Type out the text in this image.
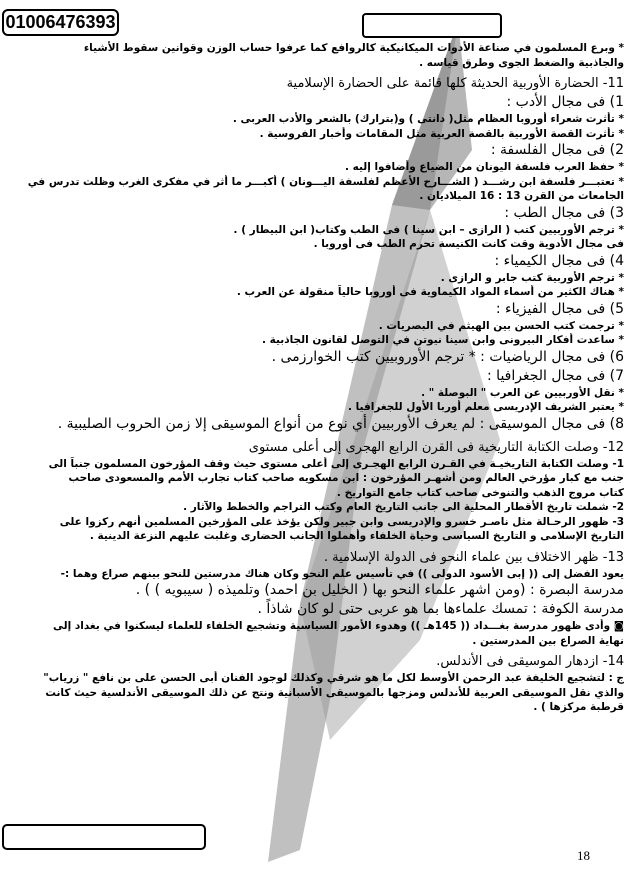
01006476393
* وبرع المسلمون في صناعة الأدوات الميكانيكية كالروافع كما عرفوا حساب الوزن وقوانين سقوط الأشياء
والجاذبية والضغط الجوى وطرق قياسه .
11- الحضارة الأوربية الحديثة كلها قائمة على الحضارة الإسلامية
1) فى مجال الأدب :
* تأثرت شعراء أوروبا العظام مثل( دانتى ) و(بترارك) بالشعر والأدب العربى .
* تأثرت القصة الأوربية بالقصة العربية مثل المقامات وأخبار الفروسية .
2) فى مجال الفلسفة :
* حفظ العرب فلسفة اليونان من الضياع وأضافوا إليه .
* تعتبـــر فلسفة ابن رشـــد ( الشـــارح الأعظم لفلسفة اليـــونان ) أكبـــر ما أثر في مفكرى الغرب وظلت تدرس في
الجامعات من القرن 13 : 16 الميلاديان .
3) فى مجال الطب :
* ترجم الأوربيين كتب ( الرازى – ابن سينا ) فى الطب وكتاب( ابن البيطار ) .
فى مجال الأدوية وقت كانت الكنيسة تحرم الطب فى أوروبا .
4) فى مجال الكيمياء :
* ترجم الأوربية كتب جابر و الرازى .
* هناك الكثير من أسماء المواد الكيماوية فى أوروبا حالياً منقولة عن العرب .
5) فى مجال الفيزياء :
* ترجمت كتب الحسن بين الهيثم في البصريات .
* ساعدت أفكار البيرونى وابن سينا نيوتن في التوصل لقانون الجاذبية .
6) فى مجال الرياضيات : * ترجم الأوروبيين كتب الخوارزمى .
7) فى مجال الجغرافيا :
* نقل الأوربيين عن العرب " البوصلة " .
* يعتبر الشريف الإدريسى معلم أوربا الأول للجغرافيا .
8) فى مجال الموسيقى : لم يعرف الأوربيين أي نوع من أنواع الموسيقى إلا زمن الحروب الصليبية .
12- وصلت الكتابة التاريخية فى القرن الرابع الهجرى إلى أعلى مستوى
1- وصلت الكتابة التاريخيـة في القـرن الرابع الهجـرى إلى أعلى مستوى حيث وقف المؤرخون المسلمون جنباً الى
جنب مع كبار مؤرخي العالم ومن أشهـر المؤرخون : ابن مسكويه صاحب كتاب تجارب الأمم والمسعودى صاحب
كتاب مروج الذهب والتنوخى صاحب كتاب جامع التواريخ .
2- شملت تاريخ الأقطار المحلية الى جانب التاريخ العام وكتب التراجم والخطط والآثار .
3- ظهور الرحـالة مثل ناصـر خسرو والإدريسى وابن جبير ولكن يؤخذ على المؤرخين المسلمين أنهم ركزوا على
التاريخ الإسلامى و التاريخ السياسى وحياة الخلفاء وأهملوا الجانب الحضارى وغلبت عليهم النزعة الدينية .
13- ظهر الاختلاف بين علماء النحو فى الدولة الإسلامية .
يعود الفضل إلى (( إبى الأسود الدولى )) في تأسيس علم النحو وكان هناك مدرستين للنحو بينهم صراع وهما :-
مدرسة البصرة : (ومن اشهر علماء النحو بها ( الخليل بن احمد) وتلميذه ( سيبويه ) ) .
مدرسة الكوفة : تمسك علماءها بما هو عربى حتى لو كان شاذاً .
◙ وأدى ظهور مدرسة بغـــداد (( 145هـ )) وهدوء الأمور السياسية وتشجيع الخلفاء للعلماء ليسكنوا في بغداد إلى
نهاية الصراع بين المدرستين .
14- ازدهار الموسيقى فى الأندلس.
ج : لتشجيع الخليفة عبد الرحمن الأوسط لكل ما هو شرقي وكذلك لوجود الفنان أبى الحسن على بن نافع " زرياب"
والذي نقل الموسيقى العربية للأندلس ومزجها بالموسيقى الأسبانية ونتج عن ذلك الموسيقى الأندلسية حيث كانت
قرطبة مركزها ) .
18
